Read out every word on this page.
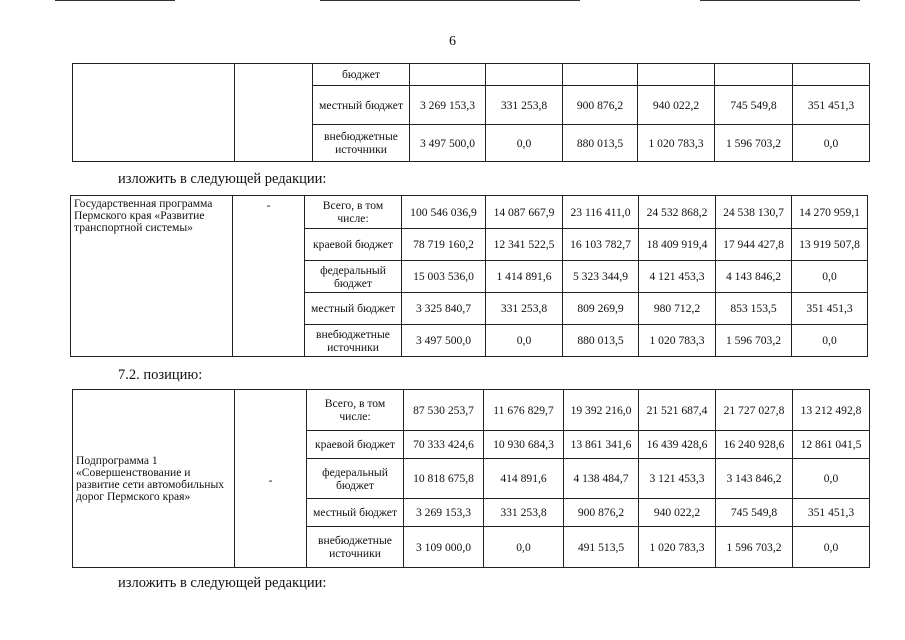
6
		бюджет						
		местный бюджет	3 269 153,3	331 253,8	900 876,2	940 022,2	745 549,8	351 451,3
		внебюджетные источники	3 497 500,0	0,0	880 013,5	1 020 783,3	1 596 703,2	0,0
изложить в следующей редакции:
Государственная программа Пермского края «Развитие транспортной системы»	-	Всего, в том числе:	100 546 036,9	14 087 667,9	23 116 411,0	24 532 868,2	24 538 130,7	14 270 959,1
		краевой бюджет	78 719 160,2	12 341 522,5	16 103 782,7	18 409 919,4	17 944 427,8	13 919 507,8
		федеральный бюджет	15 003 536,0	1 414 891,6	5 323 344,9	4 121 453,3	4 143 846,2	0,0
		местный бюджет	3 325 840,7	331 253,8	809 269,9	980 712,2	853 153,5	351 451,3
		внебюджетные источники	3 497 500,0	0,0	880 013,5	1 020 783,3	1 596 703,2	0,0
7.2. позицию:
Подпрограмма 1 «Совершенствование и развитие сети автомобильных дорог Пермского края»	-	Всего, в том числе:	87 530 253,7	11 676 829,7	19 392 216,0	21 521 687,4	21 727 027,8	13 212 492,8
		краевой бюджет	70 333 424,6	10 930 684,3	13 861 341,6	16 439 428,6	16 240 928,6	12 861 041,5
		федеральный бюджет	10 818 675,8	414 891,6	4 138 484,7	3 121 453,3	3 143 846,2	0,0
		местный бюджет	3 269 153,3	331 253,8	900 876,2	940 022,2	745 549,8	351 451,3
		внебюджетные источники	3 109 000,0	0,0	491 513,5	1 020 783,3	1 596 703,2	0,0
изложить в следующей редакции:
